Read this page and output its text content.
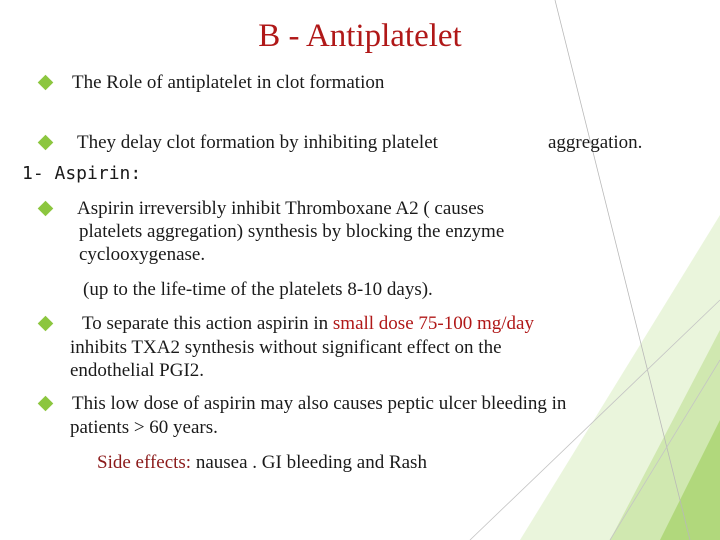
B - Antiplatelet
The Role of antiplatelet in clot formation
They delay clot formation by inhibiting platelet	aggregation.
1- Aspirin:
Aspirin irreversibly inhibit Thromboxane A2 ( causes
platelets aggregation) synthesis by blocking the enzyme
cyclooxygenase.
(up to the life-time of the platelets 8-10 days).
To separate this action aspirin in small dose 75-100 mg/day
inhibits TXA2 synthesis without significant effect on the
endothelial PGI2.
This low dose of aspirin may also causes peptic ulcer bleeding in
patients > 60 years.
Side effects: nausea . GI bleeding and Rash
